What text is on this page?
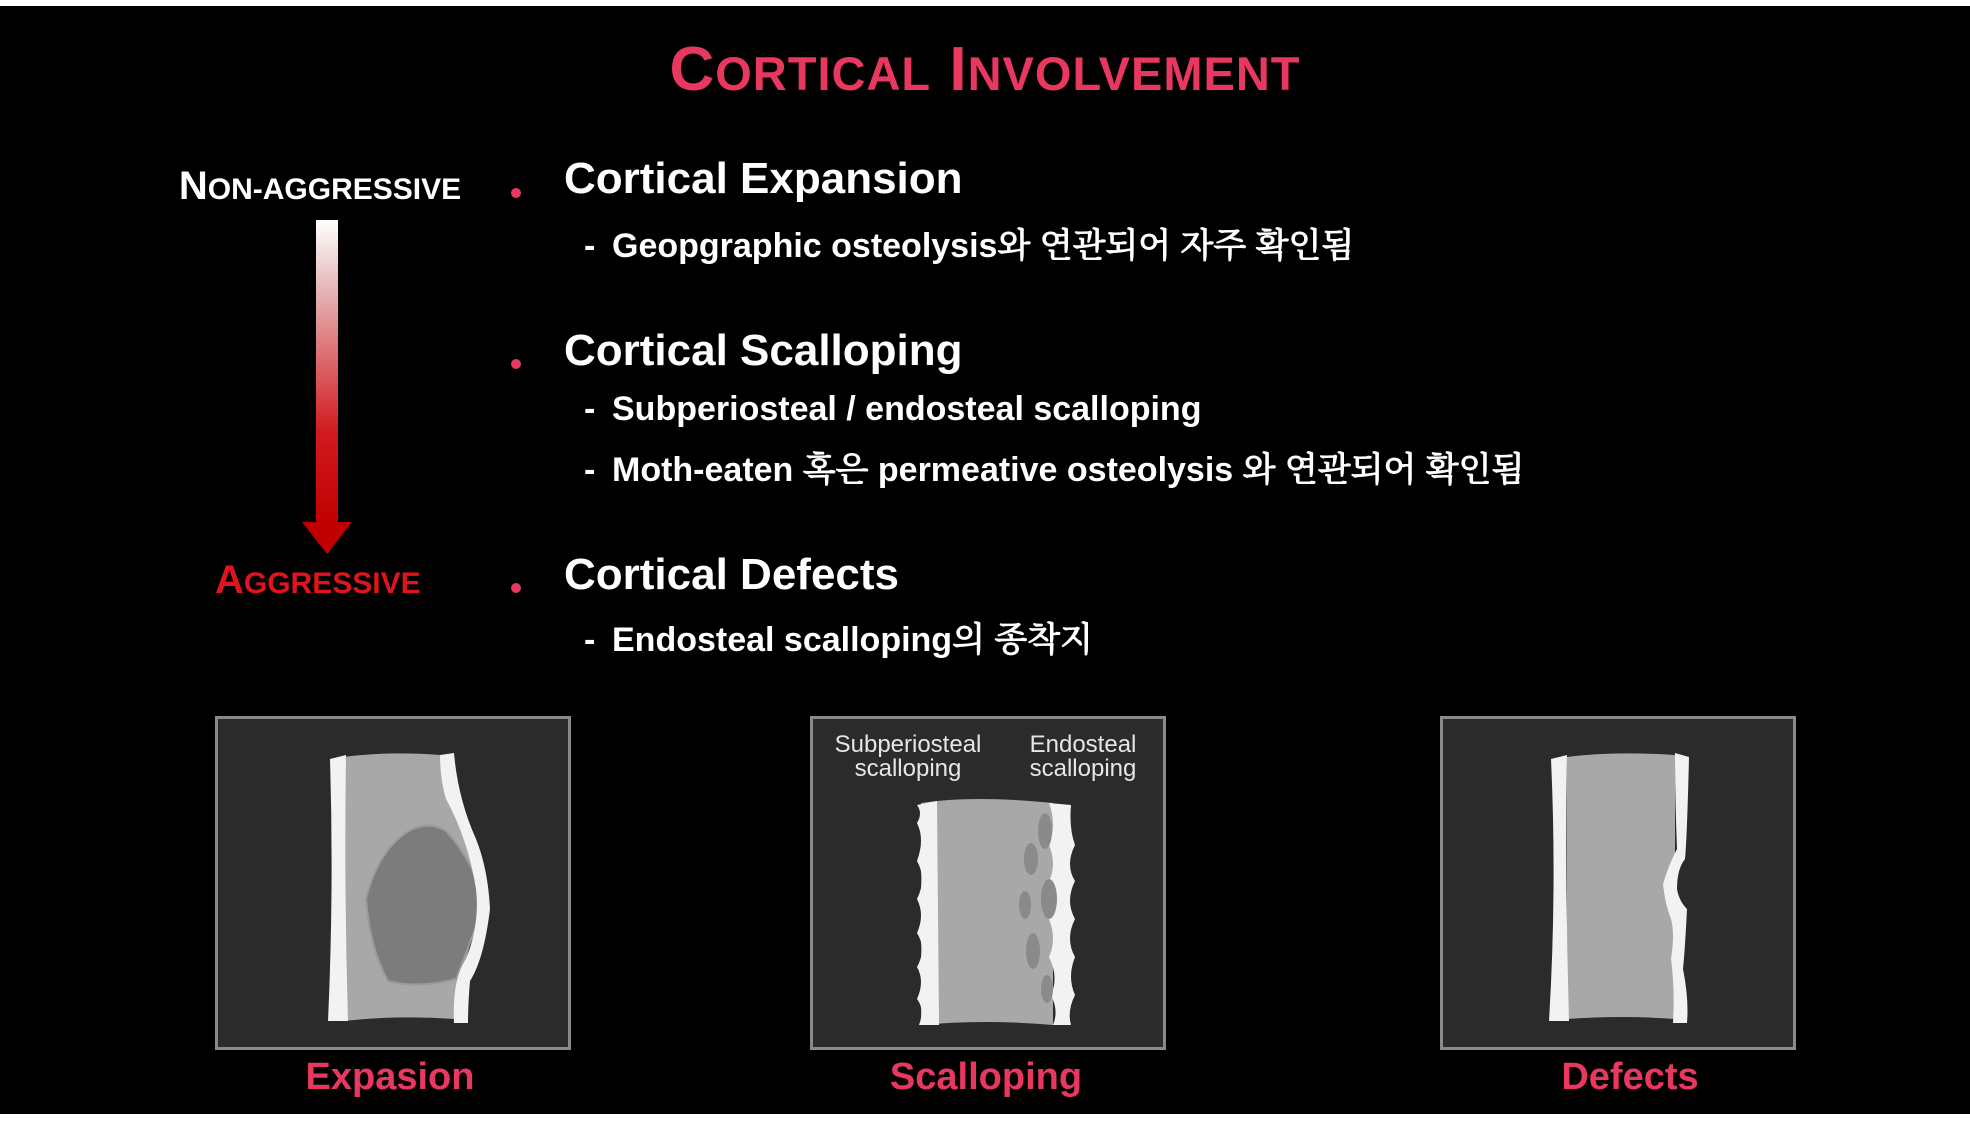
CORTICAL INVOLVEMENT
NON-AGGRESSIVE
AGGRESSIVE
Cortical Expansion
- Geopgraphic osteolysis와 연관되어 자주 확인됨
Cortical Scalloping
- Subperiosteal / endosteal scalloping
- Moth-eaten 혹은 permeative osteolysis 와 연관되어 확인됨
Cortical Defects
- Endosteal scalloping의 종착지
Expasion
Subperiosteal
scalloping
Endosteal
scalloping
Scalloping	Defects
